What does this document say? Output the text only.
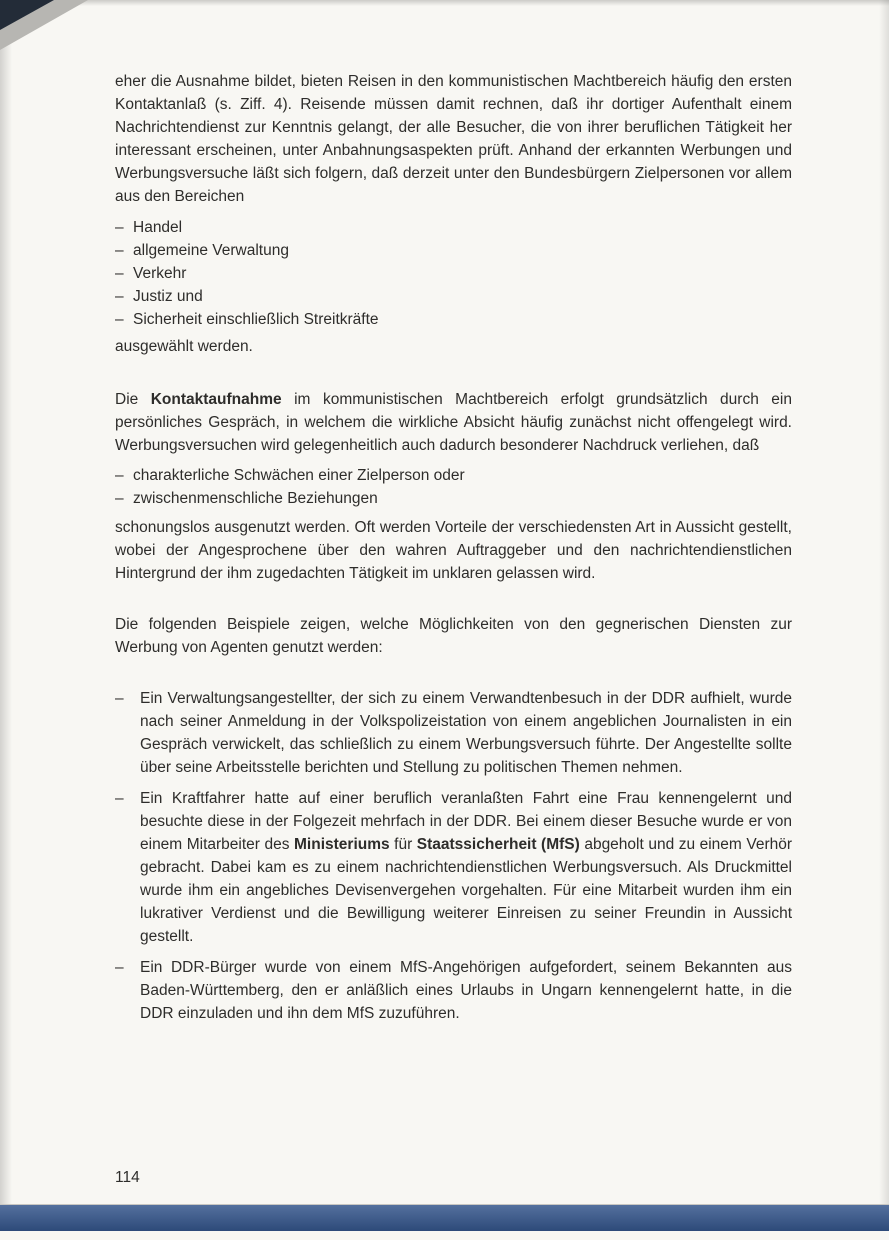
eher die Ausnahme bildet, bieten Reisen in den kommunistischen Machtbereich häufig den ersten Kontaktanlaß (s. Ziff. 4). Reisende müssen damit rechnen, daß ihr dortiger Aufenthalt einem Nachrichtendienst zur Kenntnis gelangt, der alle Besucher, die von ihrer beruflichen Tätigkeit her interessant erscheinen, unter Anbahnungsaspekten prüft. Anhand der erkannten Werbungen und Werbungsversuche läßt sich folgern, daß derzeit unter den Bundesbürgern Zielpersonen vor allem aus den Bereichen

– Handel
– allgemeine Verwaltung
– Verkehr
– Justiz und
– Sicherheit einschließlich Streitkräfte

ausgewählt werden.

Die Kontaktaufnahme im kommunistischen Machtbereich erfolgt grundsätzlich durch ein persönliches Gespräch, in welchem die wirkliche Absicht häufig zunächst nicht offengelegt wird. Werbungsversuchen wird gelegenheitlich auch dadurch besonderer Nachdruck verliehen, daß

– charakterliche Schwächen einer Zielperson oder
– zwischenmenschliche Beziehungen

schonungslos ausgenutzt werden. Oft werden Vorteile der verschiedensten Art in Aussicht gestellt, wobei der Angesprochene über den wahren Auftraggeber und den nachrichtendienstlichen Hintergrund der ihm zugedachten Tätigkeit im unklaren gelassen wird.

Die folgenden Beispiele zeigen, welche Möglichkeiten von den gegnerischen Diensten zur Werbung von Agenten genutzt werden:

–	Ein Verwaltungsangestellter, der sich zu einem Verwandtenbesuch in der DDR aufhielt, wurde nach seiner Anmeldung in der Volkspolizeistation von einem angeblichen Journalisten in ein Gespräch verwickelt, das schließlich zu einem Werbungsversuch führte. Der Angestellte sollte über seine Arbeitsstelle berichten und Stellung zu politischen Themen nehmen.
–	Ein Kraftfahrer hatte auf einer beruflich veranlaßten Fahrt eine Frau kennengelernt und besuchte diese in der Folgezeit mehrfach in der DDR. Bei einem dieser Besuche wurde er von einem Mitarbeiter des Ministeriums für Staatssicherheit (MfS) abgeholt und zu einem Verhör gebracht. Dabei kam es zu einem nachrichtendienstlichen Werbungsversuch. Als Druckmittel wurde ihm ein angebliches Devisenvergehen vorgehalten. Für eine Mitarbeit wurden ihm ein lukrativer Verdienst und die Bewilligung weiterer Einreisen zu seiner Freundin in Aussicht gestellt.
–	Ein DDR-Bürger wurde von einem MfS-Angehörigen aufgefordert, seinem Bekannten aus Baden-Württemberg, den er anläßlich eines Urlaubs in Ungarn kennengelernt hatte, in die DDR einzuladen und ihn dem MfS zuzuführen.
114
